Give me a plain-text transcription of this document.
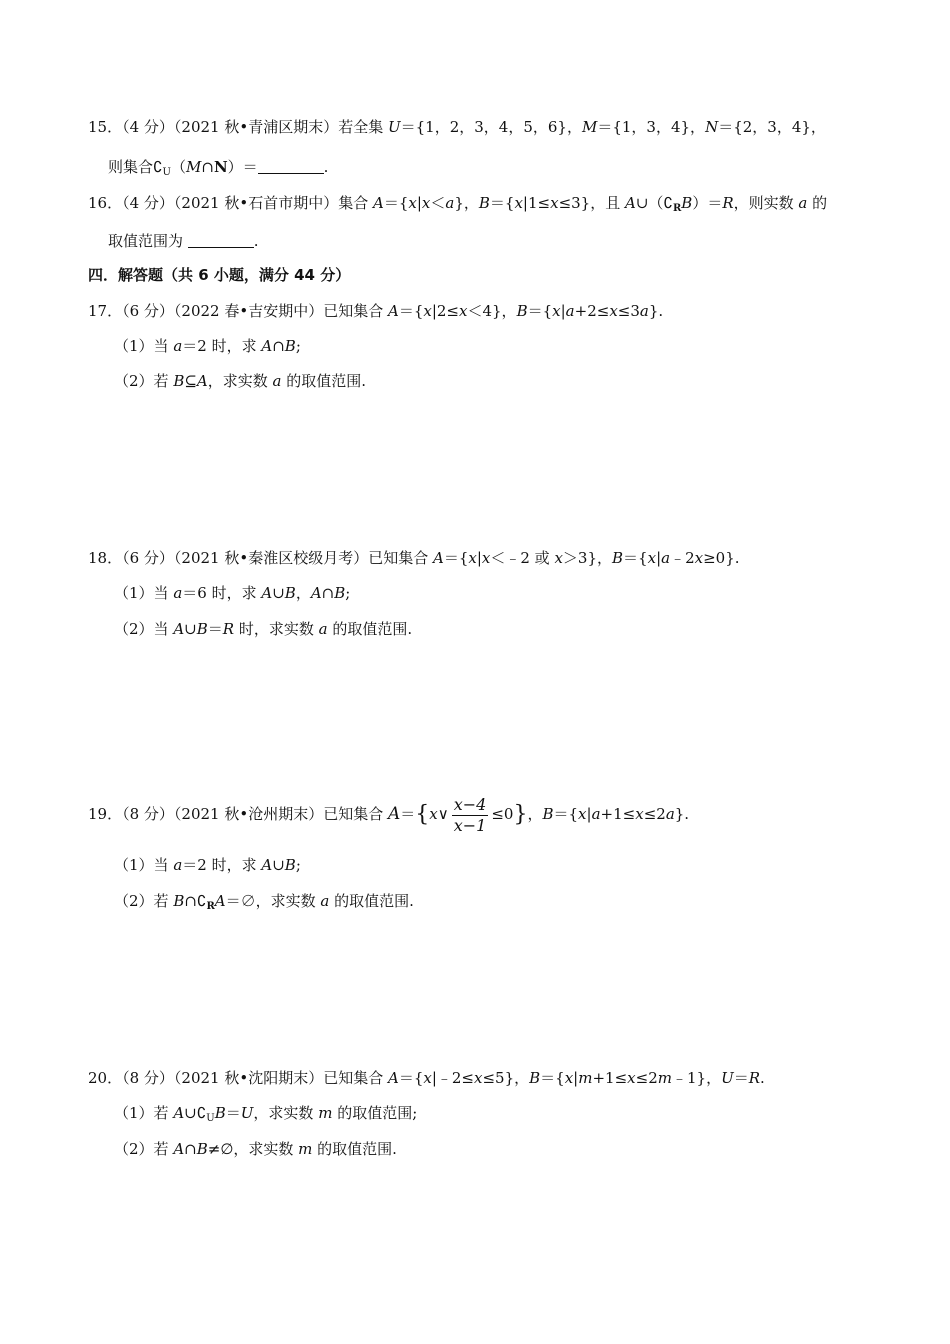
15．（4 分）（2021 秋•青浦区期末）若全集 U＝{1，2，3，4，5，6}，M＝{1，3，4}，N＝{2，3，4}，
则集合$∁_U(M\cap N)=$	.
16．（4 分）（2021 秋•石首市期中）集合 A＝{x|x＜a}，B＝{x|1≤x≤3}，且 $A\cup(∁_RB)=R$，则实数 a 的
取值范围为	.
四．解答题（共 6 小题，满分 44 分）
17．（6 分）（2022 春•吉安期中）已知集合 A＝{x|2≤x＜4}，B＝{x|a+2≤x≤3a}.
（1）当 a＝2 时，求 A∩B;
（2）若 B⊆A，求实数 a 的取值范围.
18．（6 分）（2021 秋•秦淮区校级月考）已知集合 A＝{x|x＜﹣2 或 x＞3}，B＝{x|a﹣2x≥0}.
（1）当 a＝6 时，求 A∪B，A∩B;
（2）当 A∪B＝R 时，求实数 a 的取值范围.
19．（8 分）（2021 秋•沧州期末）已知集合 A＝{x∨ $\frac{x-4}{x-1} \le 0$}，B＝{x|a+1≤x≤2a}.
（1）当 a＝2 时，求 A∪B;
（2）若 $B\cap∁_RA=\emptyset$，求实数 a 的取值范围.
20．（8 分）（2021 秋•沈阳期末）已知集合 A＝{x|﹣2≤x≤5}，B＝{x|m+1≤x≤2m﹣1}，U＝R.
（1）若 $A\cup∁_UB=U$，求实数 m 的取值范围;
（2）若 A∩B≠∅，求实数 m 的取值范围.
